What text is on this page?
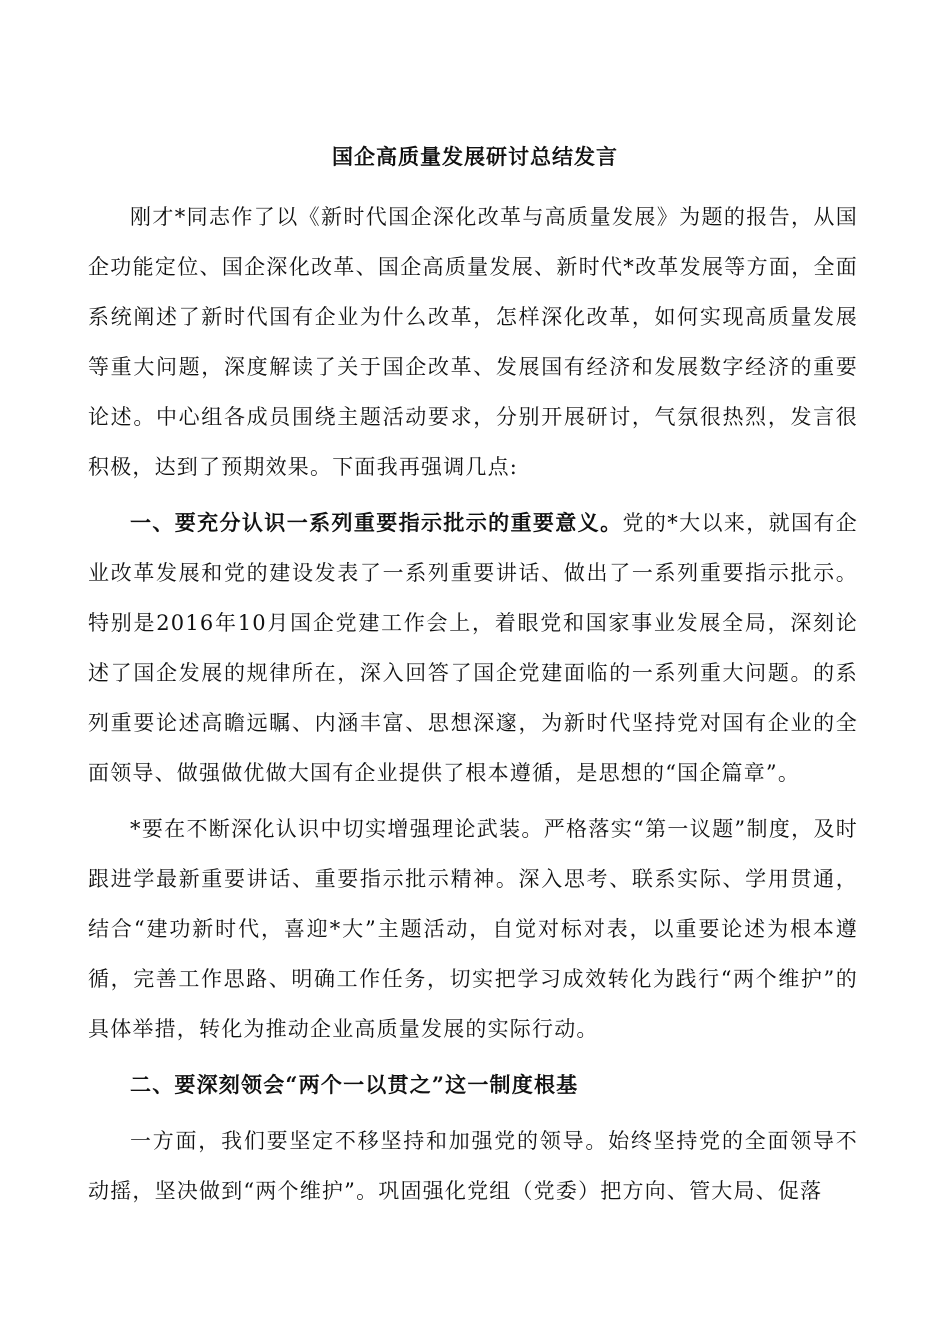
国企高质量发展研讨总结发言

刚才*同志作了以《新时代国企深化改革与高质量发展》为题的报告，从国企功能定位、国企深化改革、国企高质量发展、新时代*改革发展等方面，全面系统阐述了新时代国有企业为什么改革，怎样深化改革，如何实现高质量发展等重大问题，深度解读了关于国企改革、发展国有经济和发展数字经济的重要论述。中心组各成员围绕主题活动要求，分别开展研讨，气氛很热烈，发言很积极，达到了预期效果。下面我再强调几点:

一、要充分认识一系列重要指示批示的重要意义。党的*大以来，就国有企业改革发展和党的建设发表了一系列重要讲话、做出了一系列重要指示批示。特别是2016年10月国企党建工作会上，着眼党和国家事业发展全局，深刻论述了国企发展的规律所在，深入回答了国企党建面临的一系列重大问题。的系列重要论述高瞻远瞩、内涵丰富、思想深邃，为新时代坚持党对国有企业的全面领导、做强做优做大国有企业提供了根本遵循，是思想的“国企篇章”。

*要在不断深化认识中切实增强理论武装。严格落实“第一议题”制度，及时跟进学最新重要讲话、重要指示批示精神。深入思考、联系实际、学用贯通，结合“建功新时代，喜迎*大”主题活动，自觉对标对表，以重要论述为根本遵循，完善工作思路、明确工作任务，切实把学习成效转化为践行“两个维护”的具体举措，转化为推动企业高质量发展的实际行动。

二、要深刻领会“两个一以贯之”这一制度根基

一方面，我们要坚定不移坚持和加强党的领导。始终坚持党的全面领导不动摇，坚决做到“两个维护”。巩固强化党组（党委）把方向、管大局、促落
